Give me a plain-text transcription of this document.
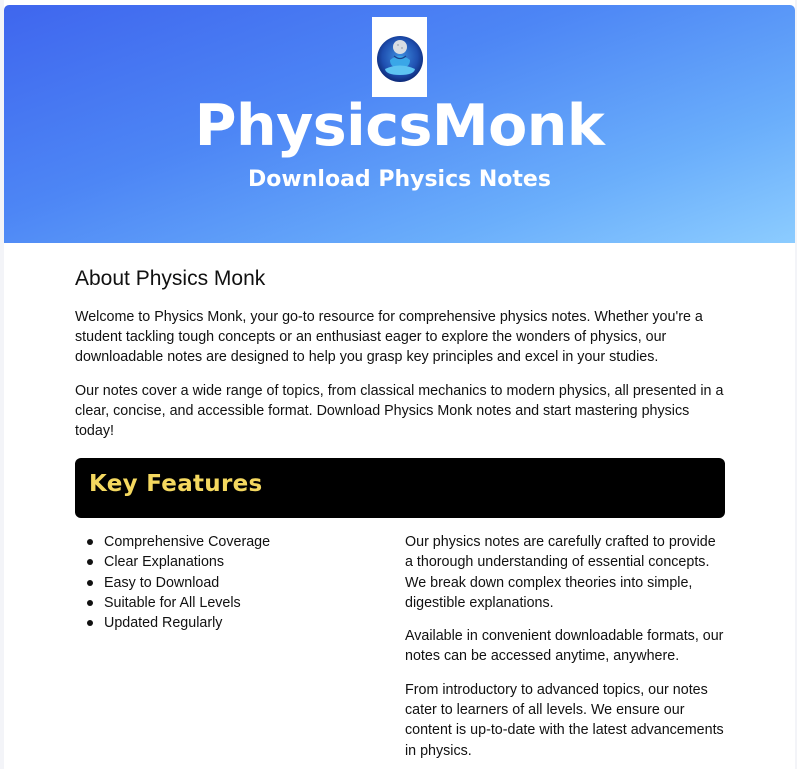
PhysicsMonk
Download Physics Notes
About Physics Monk

Welcome to Physics Monk, your go-to resource for comprehensive physics notes. Whether you're a student tackling tough concepts or an enthusiast eager to explore the wonders of physics, our downloadable notes are designed to help you grasp key principles and excel in your studies.

Our notes cover a wide range of topics, from classical mechanics to modern physics, all presented in a clear, concise, and accessible format. Download Physics Monk notes and start mastering physics today!

Key Features
Comprehensive Coverage
Clear Explanations
Easy to Download
Suitable for All Levels
Updated Regularly

Our physics notes are carefully crafted to provide a thorough understanding of essential concepts. We break down complex theories into simple, digestible explanations.

Available in convenient downloadable formats, our notes can be accessed anytime, anywhere.

From introductory to advanced topics, our notes cater to learners of all levels. We ensure our content is up-to-date with the latest advancements in physics.
